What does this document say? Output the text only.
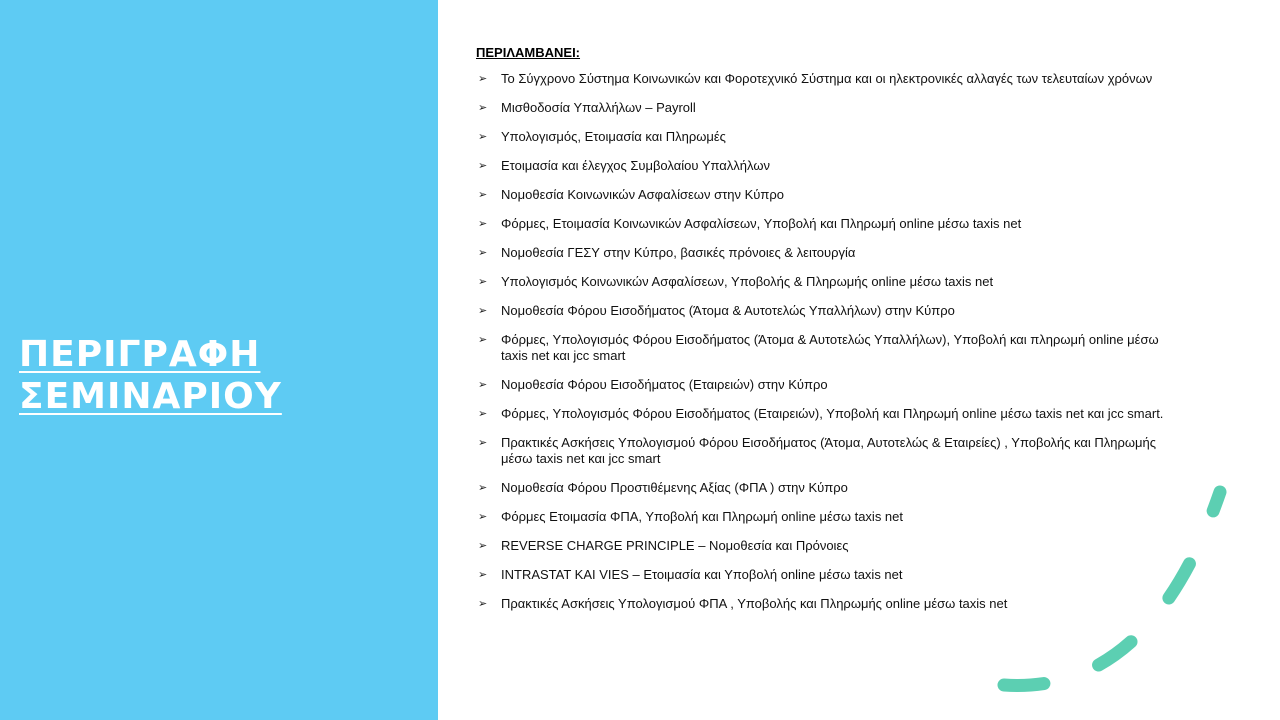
ΠΕΡΙΓΡΑΦΗ
ΣΕΜΙΝΑΡΙΟΥ

ΠΕΡΙΛΑΜΒΑΝΕΙ:

➢ Το Σύγχρονο Σύστημα Κοινωνικών και Φοροτεχνικό Σύστημα και οι ηλεκτρονικές αλλαγές των τελευταίων χρόνων
➢ Μισθοδοσία Υπαλλήλων – Payroll
➢ Υπολογισμός, Ετοιμασία και Πληρωμές
➢ Ετοιμασία και έλεγχος Συμβολαίου Υπαλλήλων
➢ Νομοθεσία Κοινωνικών Ασφαλίσεων στην Κύπρο
➢ Φόρμες, Ετοιμασία Κοινωνικών Ασφαλίσεων, Υποβολή και Πληρωμή online μέσω taxis net
➢ Νομοθεσία ΓΕΣΥ στην Κύπρο, βασικές πρόνοιες & λειτουργία
➢ Υπολογισμός Κοινωνικών Ασφαλίσεων, Υποβολής & Πληρωμής online μέσω taxis net
➢ Νομοθεσία Φόρου Εισοδήματος (Άτομα & Αυτοτελώς Υπαλλήλων) στην Κύπρο
➢ Φόρμες, Υπολογισμός Φόρου Εισοδήματος (Άτομα & Αυτοτελώς Υπαλλήλων), Υποβολή και πληρωμή online μέσω taxis net και jcc smart
➢ Νομοθεσία Φόρου Εισοδήματος (Εταιρειών) στην Κύπρο
➢ Φόρμες, Υπολογισμός Φόρου Εισοδήματος (Εταιρειών), Υποβολή και Πληρωμή online μέσω taxis net και jcc smart.
➢ Πρακτικές Ασκήσεις Υπολογισμού Φόρου Εισοδήματος (Άτομα, Αυτοτελώς & Εταιρείες) , Υποβολής και Πληρωμής μέσω taxis net και jcc smart
➢ Νομοθεσία Φόρου Προστιθέμενης Αξίας (ΦΠΑ ) στην Κύπρο
➢ Φόρμες Ετοιμασία ΦΠΑ, Υποβολή και Πληρωμή online μέσω taxis net
➢ REVERSE CHARGE PRINCIPLE – Νομοθεσία και Πρόνοιες
➢ INTRASTAT KAI VIES – Ετοιμασία και Υποβολή online μέσω taxis net
➢ Πρακτικές Ασκήσεις Υπολογισμού ΦΠΑ , Υποβολής και Πληρωμής online μέσω taxis net
